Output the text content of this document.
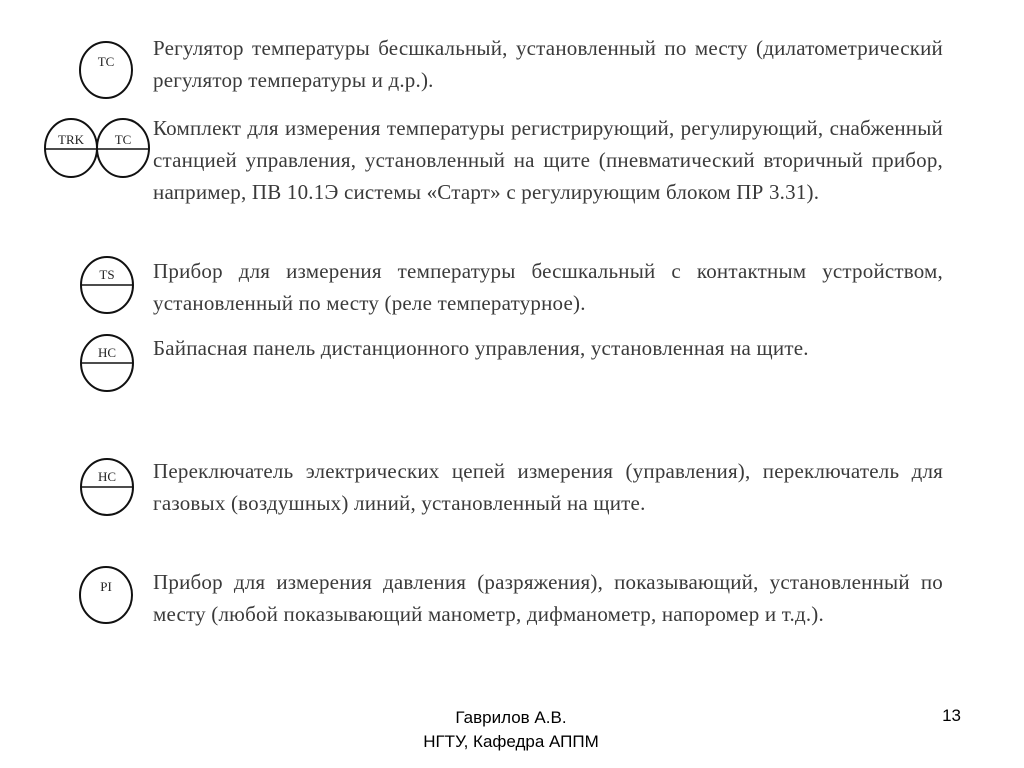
TC

Регулятор температуры бесшкальный, установленный по месту (дилатометрический регулятор температуры и д.р.).

TRK TC Комплект для измерения температуры регистрирующий, регулирующий, снабженный станцией управления, установленный на щите (пневматический вторичный прибор, например, ПВ 10.1Э системы «Старт» с регулирующим блоком ПР 3.31).

TS Прибор для измерения температуры бесшкальный с контактным устройством, установленный по месту (реле температурное).

HC Байпасная панель дистанционного управления, установленная на щите.

HC Переключатель электрических цепей измерения (управления), переключатель для газовых (воздушных) линий, установленный на щите.

PI Прибор для измерения давления (разряжения), показывающий, установленный по месту (любой показывающий манометр, дифманометр, напоромер и т.д.).

Гаврилов А.В.
НГТУ, Кафедра АППМ
13
